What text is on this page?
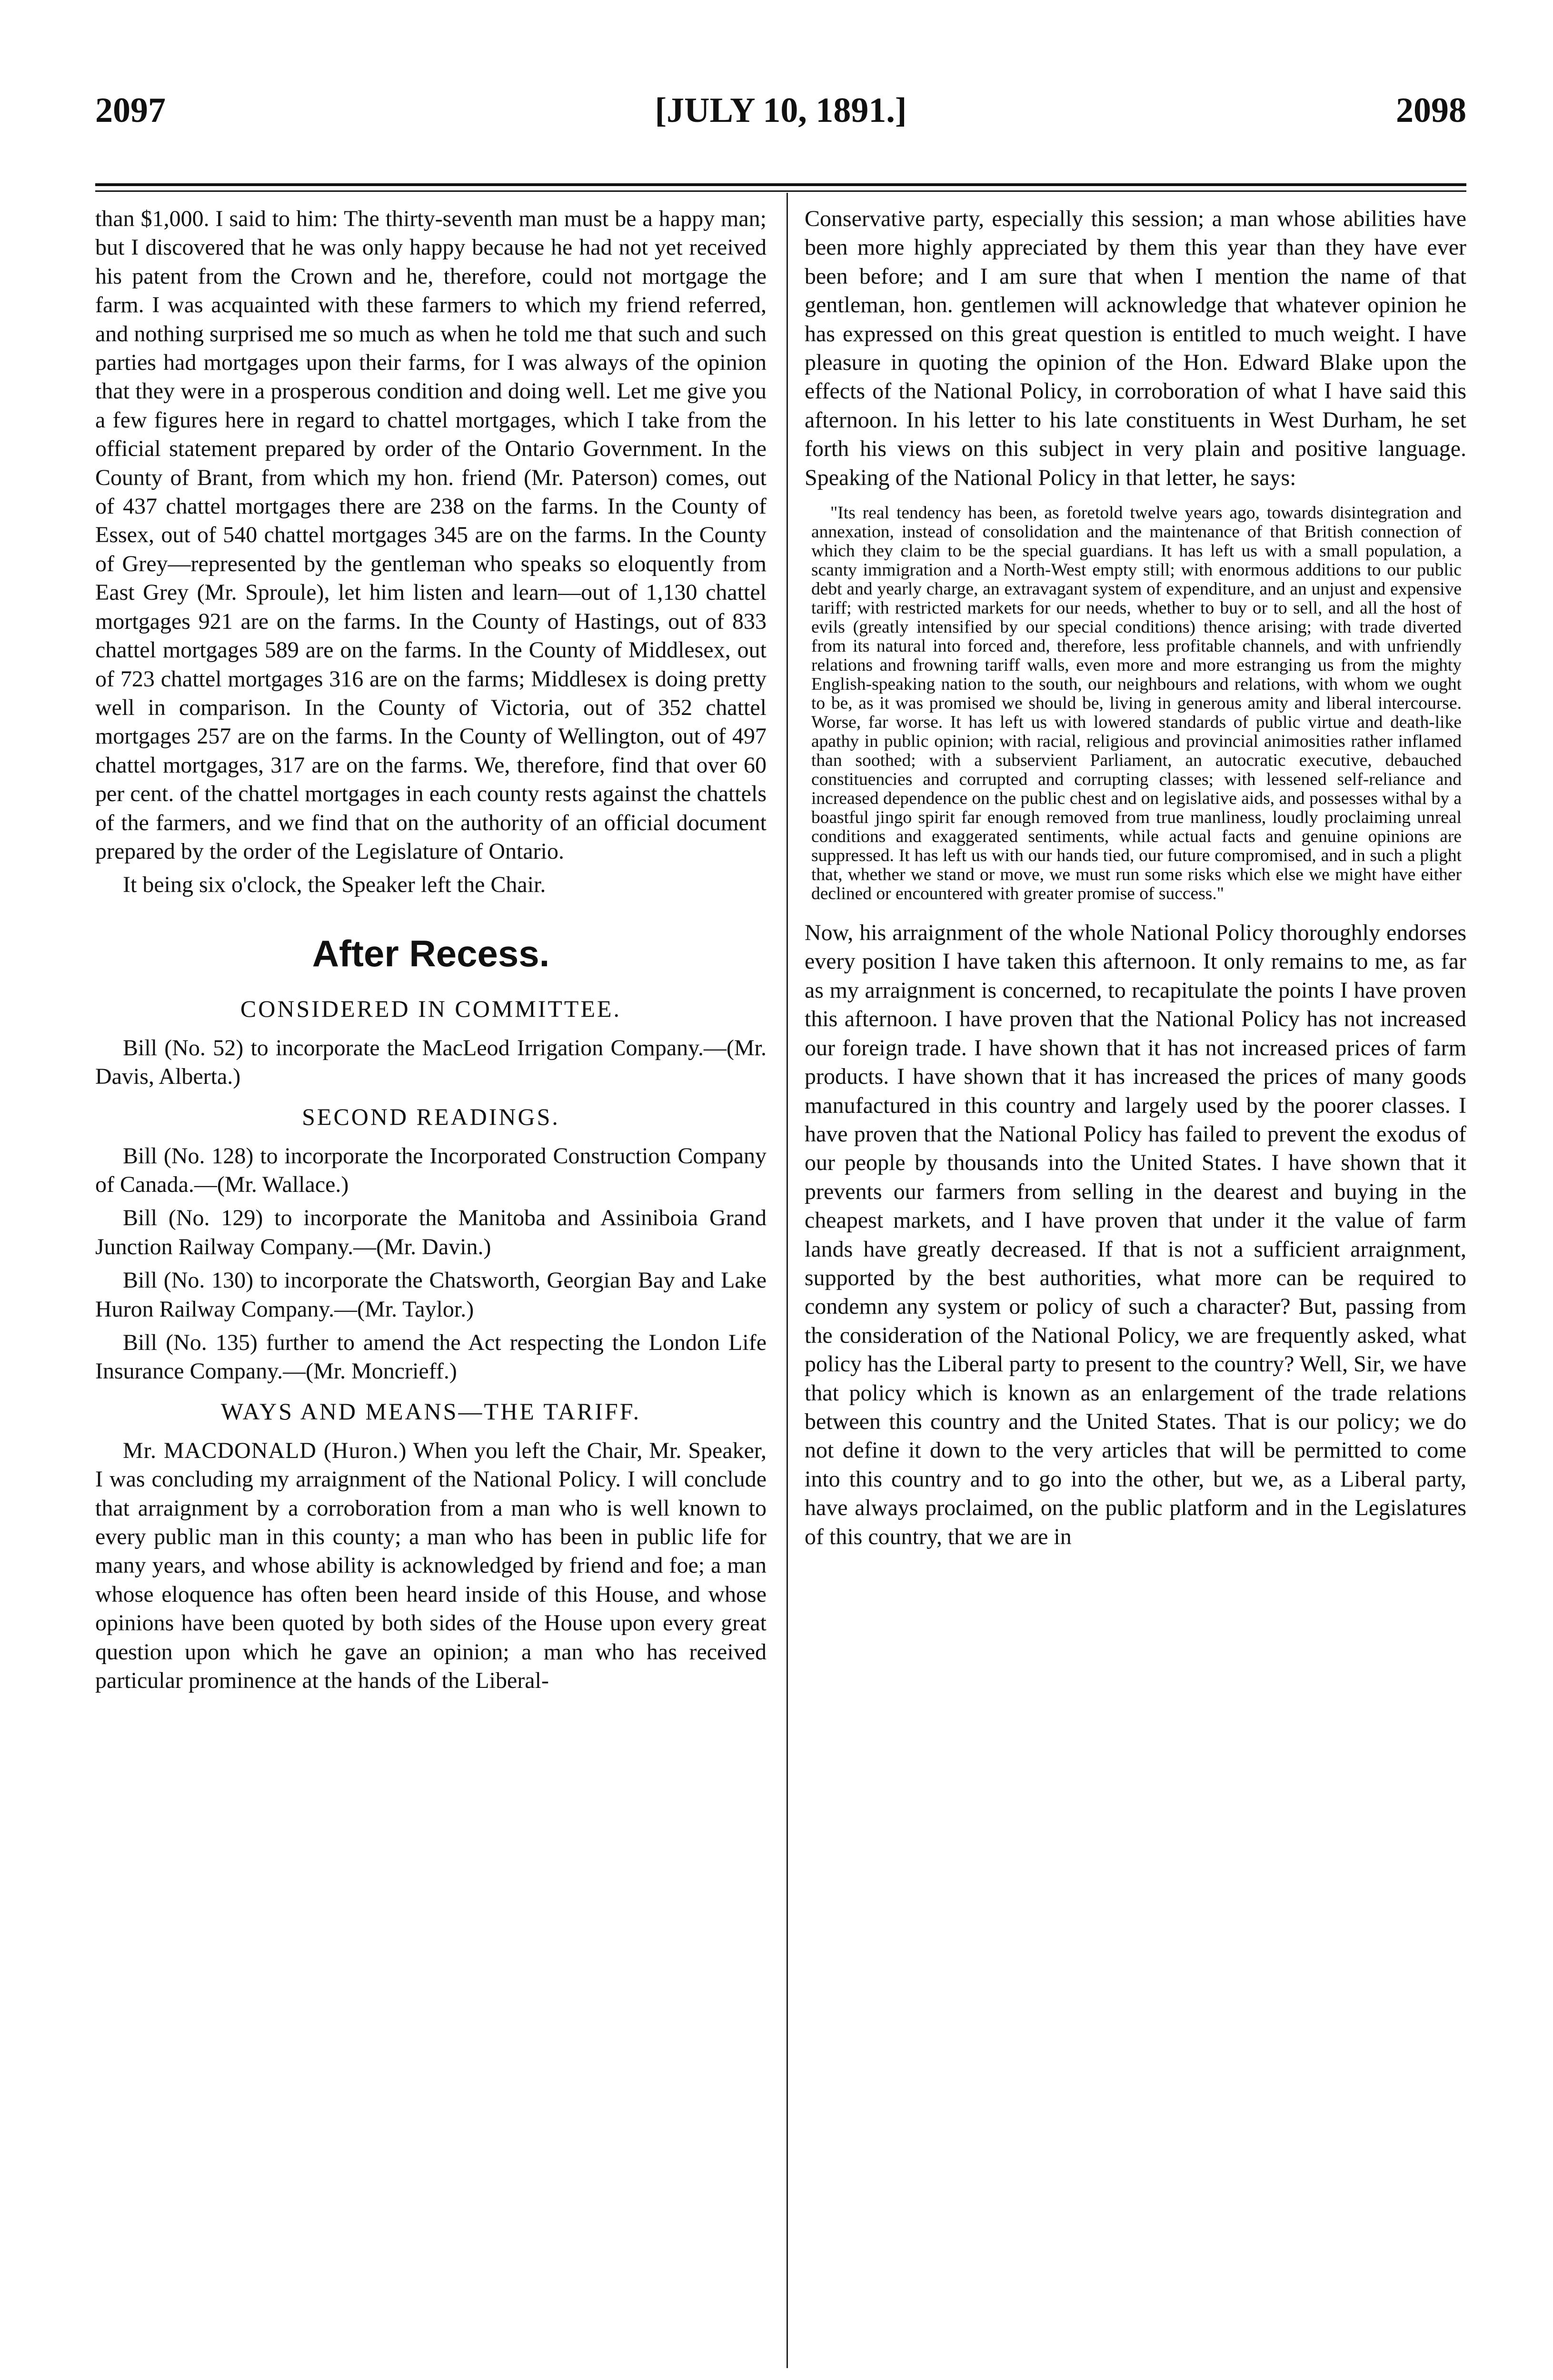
2097	[JULY 10, 1891.]	2098

than $1,000. I said to him: The thirty-seventh man must be a happy man; but I discovered that he was only happy because he had not yet received his patent from the Crown and he, therefore, could not mortgage the farm. I was acquainted with these farmers to which my friend referred, and nothing surprised me so much as when he told me that such and such parties had mortgages upon their farms, for I was always of the opinion that they were in a prosperous condition and doing well. Let me give you a few figures here in regard to chattel mortgages, which I take from the official statement prepared by order of the Ontario Government. In the County of Brant, from which my hon. friend (Mr. Paterson) comes, out of 437 chattel mortgages there are 238 on the farms. In the County of Essex, out of 540 chattel mortgages 345 are on the farms. In the County of Grey—represented by the gentleman who speaks so eloquently from East Grey (Mr. Sproule), let him listen and learn—out of 1,130 chattel mortgages 921 are on the farms. In the County of Hastings, out of 833 chattel mortgages 589 are on the farms. In the County of Middlesex, out of 723 chattel mortgages 316 are on the farms; Middlesex is doing pretty well in comparison. In the County of Victoria, out of 352 chattel mortgages 257 are on the farms. In the County of Wellington, out of 497 chattel mortgages, 317 are on the farms. We, therefore, find that over 60 per cent. of the chattel mortgages in each county rests against the chattels of the farmers, and we find that on the authority of an official document prepared by the order of the Legislature of Ontario.

It being six o'clock, the Speaker left the Chair.

After Recess.
CONSIDERED IN COMMITTEE.

Bill (No. 52) to incorporate the MacLeod Irrigation Company.—(Mr. Davis, Alberta.)

SECOND READINGS.

Bill (No. 128) to incorporate the Incorporated Construction Company of Canada.—(Mr. Wallace.)

Bill (No. 129) to incorporate the Manitoba and Assiniboia Grand Junction Railway Company.—(Mr. Davin.)

Bill (No. 130) to incorporate the Chatsworth, Georgian Bay and Lake Huron Railway Company.—(Mr. Taylor.)

Bill (No. 135) further to amend the Act respecting the London Life Insurance Company.—(Mr. Moncrieff.)

WAYS AND MEANS—THE TARIFF.

Mr. MACDONALD (Huron.) When you left the Chair, Mr. Speaker, I was concluding my arraignment of the National Policy. I will conclude that arraignment by a corroboration from a man who is well known to every public man in this county; a man who has been in public life for many years, and whose ability is acknowledged by friend and foe; a man whose eloquence has often been heard inside of this House, and whose opinions have been quoted by both sides of the House upon every great question upon which he gave an opinion; a man who has received particular prominence at the hands of the Liberal-

Conservative party, especially this session; a man whose abilities have been more highly appreciated by them this year than they have ever been before; and I am sure that when I mention the name of that gentleman, hon. gentlemen will acknowledge that whatever opinion he has expressed on this great question is entitled to much weight. I have pleasure in quoting the opinion of the Hon. Edward Blake upon the effects of the National Policy, in corroboration of what I have said this afternoon. In his letter to his late constituents in West Durham, he set forth his views on this subject in very plain and positive language. Speaking of the National Policy in that letter, he says:

"Its real tendency has been, as foretold twelve years ago, towards disintegration and annexation, instead of consolidation and the maintenance of that British connection of which they claim to be the special guardians. It has left us with a small population, a scanty immigration and a North-West empty still; with enormous additions to our public debt and yearly charge, an extravagant system of expenditure, and an unjust and expensive tariff; with restricted markets for our needs, whether to buy or to sell, and all the host of evils (greatly intensified by our special conditions) thence arising; with trade diverted from its natural into forced and, therefore, less profitable channels, and with unfriendly relations and frowning tariff walls, even more and more estranging us from the mighty English-speaking nation to the south, our neighbours and relations, with whom we ought to be, as it was promised we should be, living in generous amity and liberal intercourse. Worse, far worse. It has left us with lowered standards of public virtue and death-like apathy in public opinion; with racial, religious and provincial animosities rather inflamed than soothed; with a subservient Parliament, an autocratic executive, debauched constituencies and corrupted and corrupting classes; with lessened self-reliance and increased dependence on the public chest and on legislative aids, and possesses withal by a boastful jingo spirit far enough removed from true manliness, loudly proclaiming unreal conditions and exaggerated sentiments, while actual facts and genuine opinions are suppressed. It has left us with our hands tied, our future compromised, and in such a plight that, whether we stand or move, we must run some risks which else we might have either declined or encountered with greater promise of success."

Now, his arraignment of the whole National Policy thoroughly endorses every position I have taken this afternoon. It only remains to me, as far as my arraignment is concerned, to recapitulate the points I have proven this afternoon. I have proven that the National Policy has not increased our foreign trade. I have shown that it has not increased prices of farm products. I have shown that it has increased the prices of many goods manufactured in this country and largely used by the poorer classes. I have proven that the National Policy has failed to prevent the exodus of our people by thousands into the United States. I have shown that it prevents our farmers from selling in the dearest and buying in the cheapest markets, and I have proven that under it the value of farm lands have greatly decreased. If that is not a sufficient arraignment, supported by the best authorities, what more can be required to condemn any system or policy of such a character? But, passing from the consideration of the National Policy, we are frequently asked, what policy has the Liberal party to present to the country? Well, Sir, we have that policy which is known as an enlargement of the trade relations between this country and the United States. That is our policy; we do not define it down to the very articles that will be permitted to come into this country and to go into the other, but we, as a Liberal party, have always proclaimed, on the public platform and in the Legislatures of this country, that we are in
